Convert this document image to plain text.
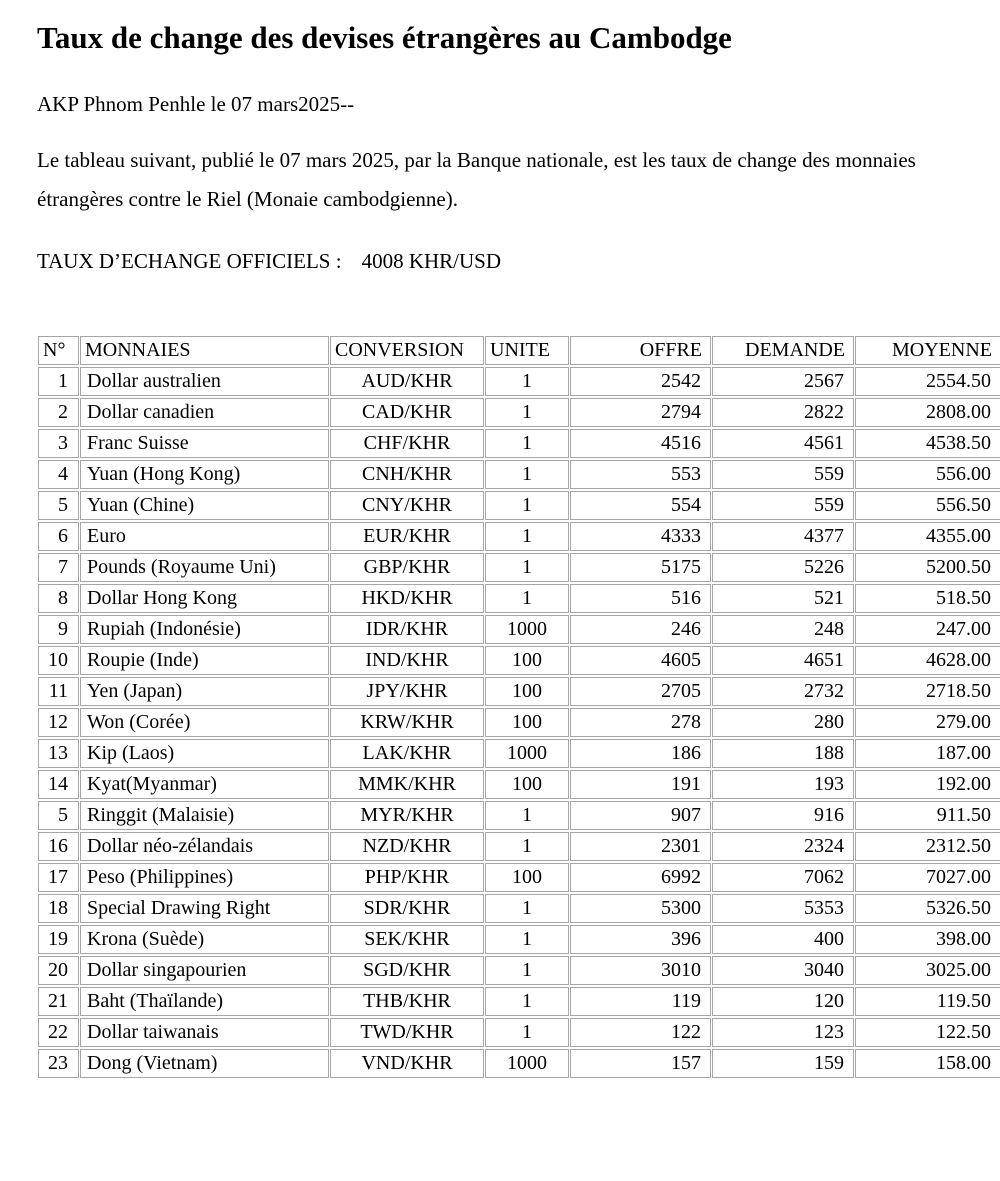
Taux de change des devises étrangères au Cambodge

AKP Phnom Penhle le 07 mars2025--

Le tableau suivant, publié le 07 mars 2025, par la Banque nationale, est les taux de change des monnaies étrangères contre le Riel (Monaie cambodgienne).

TAUX D’ECHANGE OFFICIELS : 4008 KHR/USD

N°	MONNAIES	CONVERSION	UNITE	OFFRE	DEMANDE	MOYENNE
1	Dollar australien	AUD/KHR	1	2542	2567	2554.50
2	Dollar canadien	CAD/KHR	1	2794	2822	2808.00
3	Franc Suisse	CHF/KHR	1	4516	4561	4538.50
4	Yuan (Hong Kong)	CNH/KHR	1	553	559	556.00
5	Yuan (Chine)	CNY/KHR	1	554	559	556.50
6	Euro	EUR/KHR	1	4333	4377	4355.00
7	Pounds (Royaume Uni)	GBP/KHR	1	5175	5226	5200.50
8	Dollar Hong Kong	HKD/KHR	1	516	521	518.50
9	Rupiah (Indonésie)	IDR/KHR	1000	246	248	247.00
10	Roupie (Inde)	IND/KHR	100	4605	4651	4628.00
11	Yen (Japan)	JPY/KHR	100	2705	2732	2718.50
12	Won (Corée)	KRW/KHR	100	278	280	279.00
13	Kip (Laos)	LAK/KHR	1000	186	188	187.00
14	Kyat(Myanmar)	MMK/KHR	100	191	193	192.00
5	Ringgit (Malaisie)	MYR/KHR	1	907	916	911.50
16	Dollar néo-zélandais	NZD/KHR	1	2301	2324	2312.50
17	Peso (Philippines)	PHP/KHR	100	6992	7062	7027.00
18	Special Drawing Right	SDR/KHR	1	5300	5353	5326.50
19	Krona (Suède)	SEK/KHR	1	396	400	398.00
20	Dollar singapourien	SGD/KHR	1	3010	3040	3025.00
21	Baht (Thaïlande)	THB/KHR	1	119	120	119.50
22	Dollar taiwanais	TWD/KHR	1	122	123	122.50
23	Dong (Vietnam)	VND/KHR	1000	157	159	158.00
